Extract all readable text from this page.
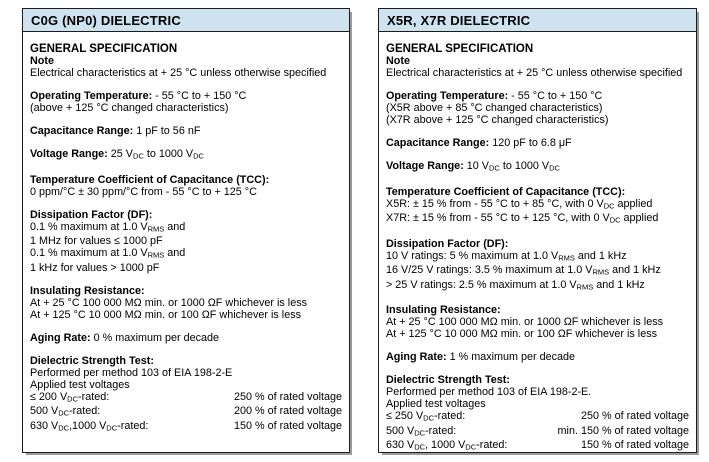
C0G (NP0) DIELECTRIC
GENERAL SPECIFICATION
Note
Electrical characteristics at + 25 °C unless otherwise specified
Operating Temperature: - 55 °C to + 150 °C
(above + 125 °C changed characteristics)
Capacitance Range: 1 pF to 56 nF
Voltage Range: 25 $V_{DC}$ to 1000 $V_{DC}$
Temperature Coefficient of Capacitance (TCC):
0 ppm/°C ± 30 ppm/°C from - 55 °C to + 125 °C
Dissipation Factor (DF):
0.1 % maximum at 1.0 $V_{RMS}$ and
1 MHz for values ≤ 1000 pF
0.1 % maximum at 1.0 $V_{RMS}$ and
1 kHz for values > 1000 pF
Insulating Resistance:
At + 25 °C 100 000 MΩ min. or 1000 ΩF whichever is less
At + 125 °C 10 000 MΩ min. or 100 ΩF whichever is less
Aging Rate: 0 % maximum per decade
Dielectric Strength Test:
Performed per method 103 of EIA 198-2-E
Applied test voltages
≤ 200 $V_{DC}$-rated:	250 % of rated voltage
500 $V_{DC}$-rated:	200 % of rated voltage
630 $V_{DC},1000$ $V_{DC}$-rated:	150 % of rated voltage
X5R, X7R DIELECTRIC
GENERAL SPECIFICATION
Note
Electrical characteristics at + 25 °C unless otherwise specified
Operating Temperature: - 55 °C to + 150 °C
(X5R above + 85 °C changed characteristics)
(X7R above + 125 °C changed characteristics)
Capacitance Range: 120 pF to 6.8 μF
Voltage Range: 10 $V_{DC}$ to 1000 $V_{DC}$
Temperature Coefficient of Capacitance (TCC):
X5R: ± 15 % from - 55 °C to + 85 °C, with 0 $V_{DC}$ applied
X7R: ± 15 % from - 55 °C to + 125 °C, with 0 $V_{DC}$ applied
Dissipation Factor (DF):
10 V ratings: 5 % maximum at 1.0 $V_{RMS}$ and 1 kHz
16 V/25 V ratings: 3.5 % maximum at 1.0 $V_{RMS}$ and 1 kHz
> 25 V ratings: 2.5 % maximum at 1.0 $V_{RMS}$ and 1 kHz
Insulating Resistance:
At + 25 °C 100 000 MΩ min. or 1000 ΩF whichever is less
At + 125 °C 10 000 MΩ min. or 100 ΩF whichever is less
Aging Rate: 1 % maximum per decade
Dielectric Strength Test:
Performed per method 103 of EIA 198-2-E.
Applied test voltages
≤ 250 $V_{DC}$-rated:	250 % of rated voltage
500 $V_{DC}$-rated:	min. 150 % of rated voltage
630 $V_{DC}$, 1000 $V_{DC}$-rated:	150 % of rated voltage
